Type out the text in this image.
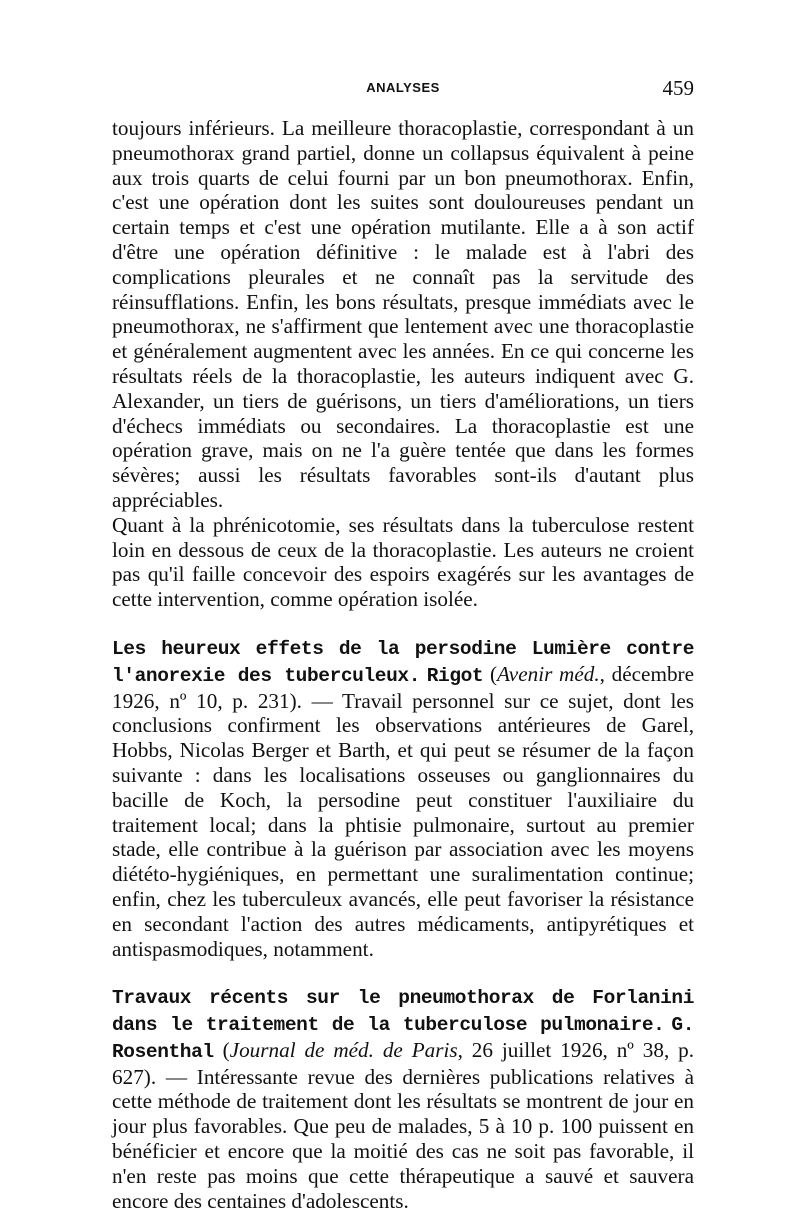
ANALYSES	459

toujours inférieurs. La meilleure thoracoplastie, correspondant à un pneumothorax grand partiel, donne un collapsus équivalent à peine aux trois quarts de celui fourni par un bon pneumothorax. Enfin, c'est une opération dont les suites sont douloureuses pendant un certain temps et c'est une opération mutilante. Elle a à son actif d'être une opération définitive : le malade est à l'abri des complications pleurales et ne connaît pas la servitude des réinsufflations. Enfin, les bons résultats, presque immédiats avec le pneumothorax, ne s'affirment que lentement avec une thoracoplastie et généralement augmentent avec les années. En ce qui concerne les résultats réels de la thoracoplastie, les auteurs indiquent avec G. Alexander, un tiers de guérisons, un tiers d'améliorations, un tiers d'échecs immédiats ou secondaires. La thoracoplastie est une opération grave, mais on ne l'a guère tentée que dans les formes sévères; aussi les résultats favorables sont-ils d'autant plus appréciables.

Quant à la phrénicotomie, ses résultats dans la tuberculose restent loin en dessous de ceux de la thoracoplastie. Les auteurs ne croient pas qu'il faille concevoir des espoirs exagérés sur les avantages de cette intervention, comme opération isolée.

Les heureux effets de la persodine Lumière contre l'anorexie des tuberculeux. Rigot (Avenir méd., décembre 1926, nº 10, p. 231). — Travail personnel sur ce sujet, dont les conclusions confirment les observations antérieures de Garel, Hobbs, Nicolas Berger et Barth, et qui peut se résumer de la façon suivante : dans les localisations osseuses ou ganglionnaires du bacille de Koch, la persodine peut constituer l'auxiliaire du traitement local; dans la phtisie pulmonaire, surtout au premier stade, elle contribue à la guérison par association avec les moyens diététo-hygiéniques, en permettant une suralimentation continue; enfin, chez les tuberculeux avancés, elle peut favoriser la résistance en secondant l'action des autres médicaments, antipyrétiques et antispasmodiques, notamment.

Travaux récents sur le pneumothorax de Forlanini dans le traitement de la tuberculose pulmonaire. G. Rosenthal (Journal de méd. de Paris, 26 juillet 1926, nº 38, p. 627). — Intéressante revue des dernières publications relatives à cette méthode de traitement dont les résultats se montrent de jour en jour plus favorables. Que peu de malades, 5 à 10 p. 100 puissent en bénéficier et encore que la moitié des cas ne soit pas favorable, il n'en reste pas moins que cette thérapeutique a sauvé et sauvera encore des centaines d'adolescents.
